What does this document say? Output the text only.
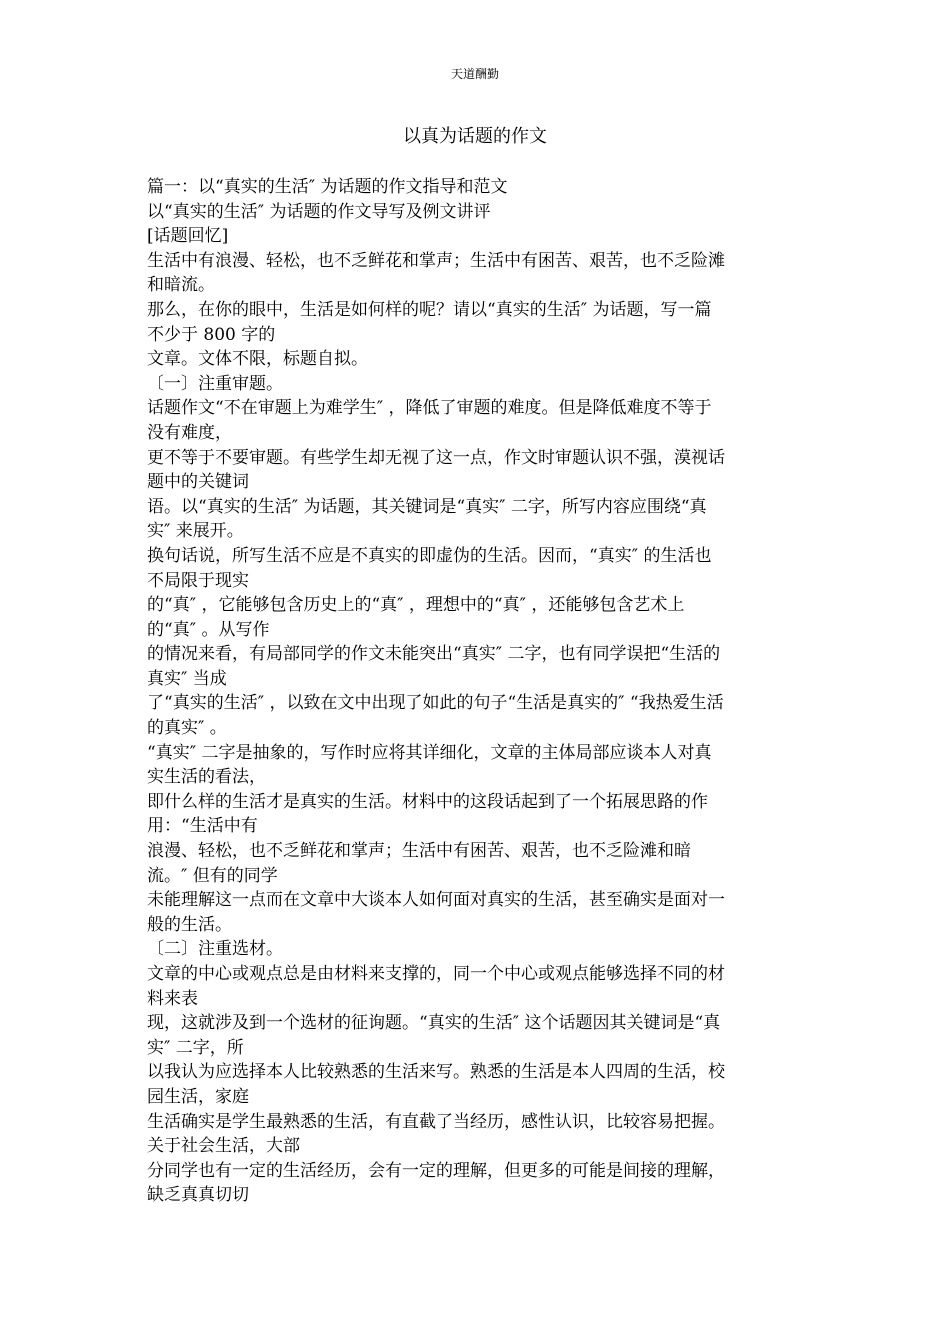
天道酬勤
以真为话题的作文
篇一：以“真实的生活″ 为话题的作文指导和范文
以“真实的生活″ 为话题的作文导写及例文讲评
[话题回忆]
生活中有浪漫、轻松，也不乏鲜花和掌声；生活中有困苦、艰苦，也不乏险滩
和暗流。
那么，在你的眼中，生活是如何样的呢？请以“真实的生活″ 为话题，写一篇
不少于 800 字的
文章。文体不限，标题自拟。
〔一〕注重审题。
话题作文“不在审题上为难学生″ ，降低了审题的难度。但是降低难度不等于
没有难度，
更不等于不要审题。有些学生却无视了这一点，作文时审题认识不强，漠视话
题中的关键词
语。以“真实的生活″ 为话题，其关键词是“真实″ 二字，所写内容应围绕“真
实″ 来展开。
换句话说，所写生活不应是不真实的即虚伪的生活。因而，“真实″ 的生活也
不局限于现实
的“真″ ，它能够包含历史上的“真″ ，理想中的“真″ ，还能够包含艺术上
的“真″ 。从写作
的情况来看，有局部同学的作文未能突出“真实″ 二字，也有同学误把“生活的
真实″ 当成
了“真实的生活″ ，以致在文中出现了如此的句子“生活是真实的″ “我热爱生活
的真实″ 。
“真实″ 二字是抽象的，写作时应将其详细化，文章的主体局部应谈本人对真
实生活的看法，
即什么样的生活才是真实的生活。材料中的这段话起到了一个拓展思路的作
用：“生活中有
浪漫、轻松，也不乏鲜花和掌声；生活中有困苦、艰苦，也不乏险滩和暗
流。″ 但有的同学
未能理解这一点而在文章中大谈本人如何面对真实的生活，甚至确实是面对一
般的生活。
〔二〕注重选材。
文章的中心或观点总是由材料来支撑的，同一个中心或观点能够选择不同的材
料来表
现，这就涉及到一个选材的征询题。“真实的生活″ 这个话题因其关键词是“真
实″ 二字，所
以我认为应选择本人比较熟悉的生活来写。熟悉的生活是本人四周的生活，校
园生活，家庭
生活确实是学生最熟悉的生活，有直截了当经历，感性认识，比较容易把握。
关于社会生活，大部
分同学也有一定的生活经历，会有一定的理解，但更多的可能是间接的理解，
缺乏真真切切
